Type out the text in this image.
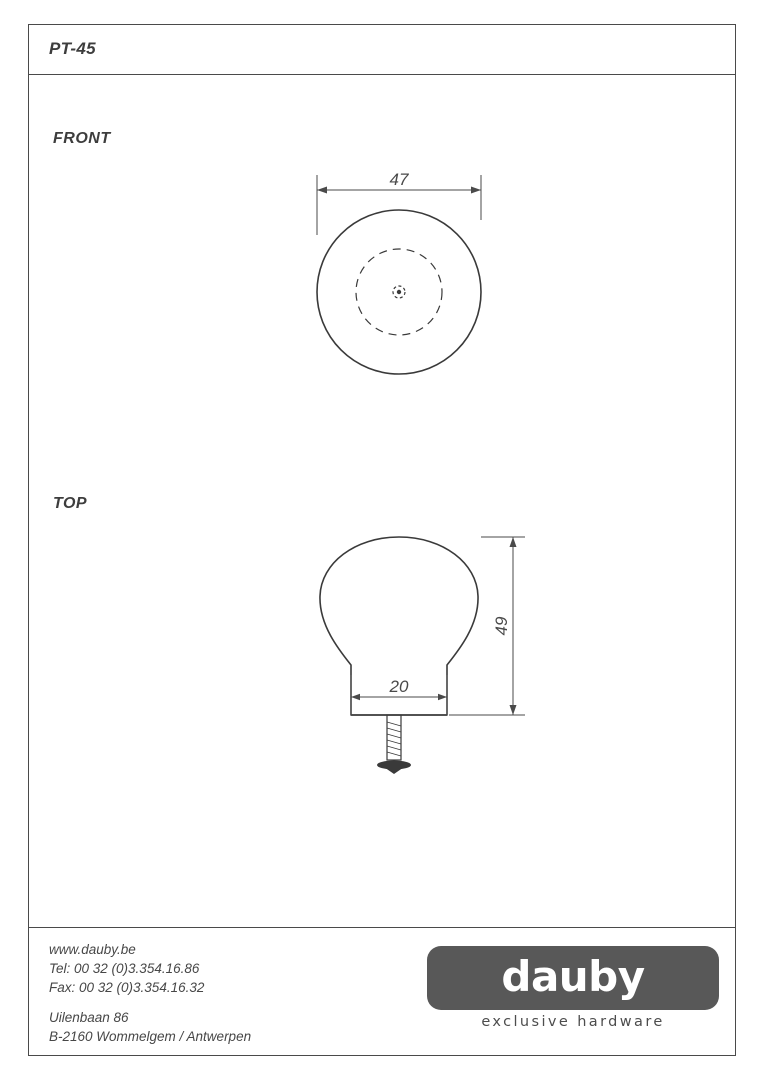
PT-45
FRONT
47
49
20
TOP
www.dauby.be
Tel: 00 32 (0)3.354.16.86
Fax: 00 32 (0)3.354.16.32
Uilenbaan 86
B-2160 Wommelgem / Antwerpen
dauby
exclusive hardware
